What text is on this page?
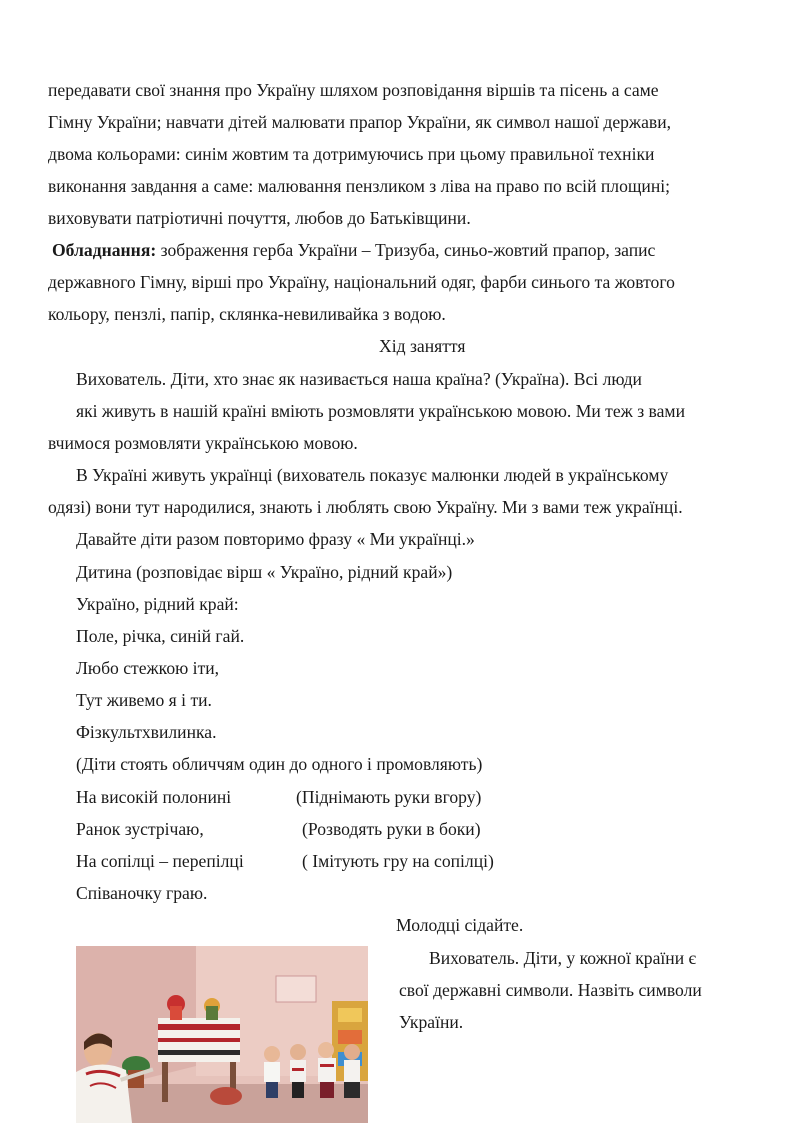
передавати свої знання про Україну шляхом розповідання віршів та пісень а саме
Гімну України; навчати дітей малювати прапор України, як символ нашої держави,
двома кольорами: синім жовтим та дотримуючись при цьому правильної техніки
виконання завдання а саме: малювання пензликом з ліва на право по всій площині;
виховувати патріотичні почуття, любов до Батьківщини.
Обладнання: зображення герба України – Тризуба, синьо-жовтий прапор, запис
державного Гімну, вірші про Україну, національний одяг, фарби синього та жовтого
кольору, пензлі, папір, склянка-невиливайка з водою.
Хід заняття
Вихователь. Діти, хто знає як називається наша країна? (Україна). Всі люди
які живуть в нашій країні вміють розмовляти українською мовою. Ми теж з вами
вчимося розмовляти українською мовою.
В Україні живуть українці (вихователь показує малюнки людей в українському
одязі) вони тут народилися, знають і люблять свою Україну. Ми з вами теж українці.
Давайте діти разом повторимо фразу « Ми українці.»
Дитина (розповідає вірш « Україно, рідний край»)
Україно, рідний край:
Поле, річка, синій гай.
Любо стежкою іти,
Тут живемо я і ти.
Фізкультхвилинка.
(Діти стоять обличчям один до одного і промовляють)
На високій полонині	(Піднімають руки вгору)
Ранок зустрічаю,	(Розводять руки в боки)
На сопілці – перепілці	( Імітують гру на сопілці)
Співаночку граю.
Молодці сідайте.
Вихователь. Діти, у кожної країни є
свої державні символи. Назвіть символи
України.
